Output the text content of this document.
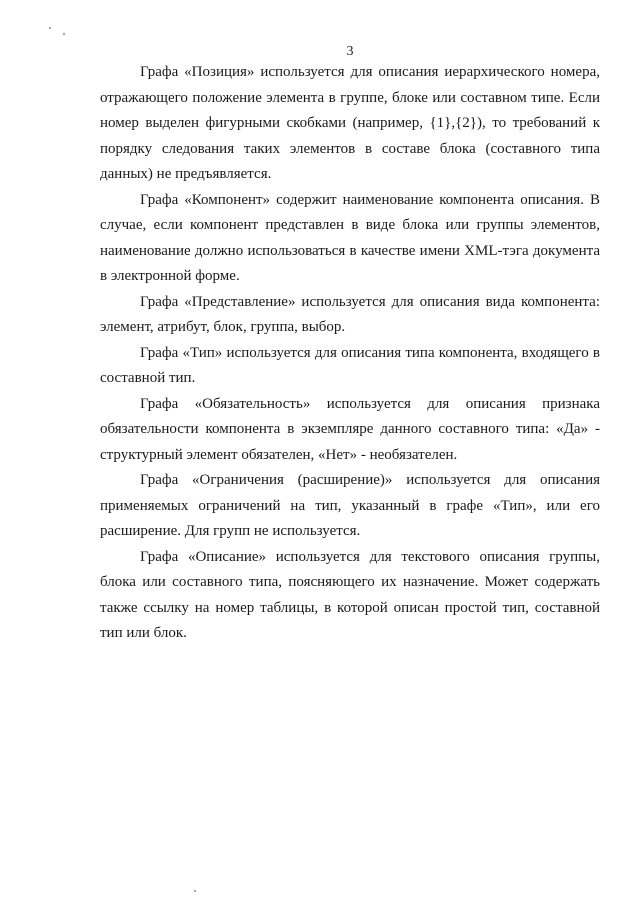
3

Графа «Позиция» используется для описания иерархического номера, отражающего положение элемента в группе, блоке или составном типе. Если номер выделен фигурными скобками (например, {1},{2}), то требований к порядку следования таких элементов в составе блока (составного типа данных) не предъявляется.

Графа «Компонент» содержит наименование компонента описания. В случае, если компонент представлен в виде блока или группы элементов, наименование должно использоваться в качестве имени XML-тэга документа в электронной форме.

Графа «Представление» используется для описания вида компонента: элемент, атрибут, блок, группа, выбор.

Графа «Тип» используется для описания типа компонента, входящего в составной тип.

Графа «Обязательность» используется для описания признака обязательности компонента в экземпляре данного составного типа: «Да» - структурный элемент обязателен, «Нет» - необязателен.

Графа «Ограничения (расширение)» используется для описания применяемых ограничений на тип, указанный в графе «Тип», или его расширение. Для групп не используется.

Графа «Описание» используется для текстового описания группы, блока или составного типа, поясняющего их назначение. Может содержать также ссылку на номер таблицы, в которой описан простой тип, составной тип или блок.
